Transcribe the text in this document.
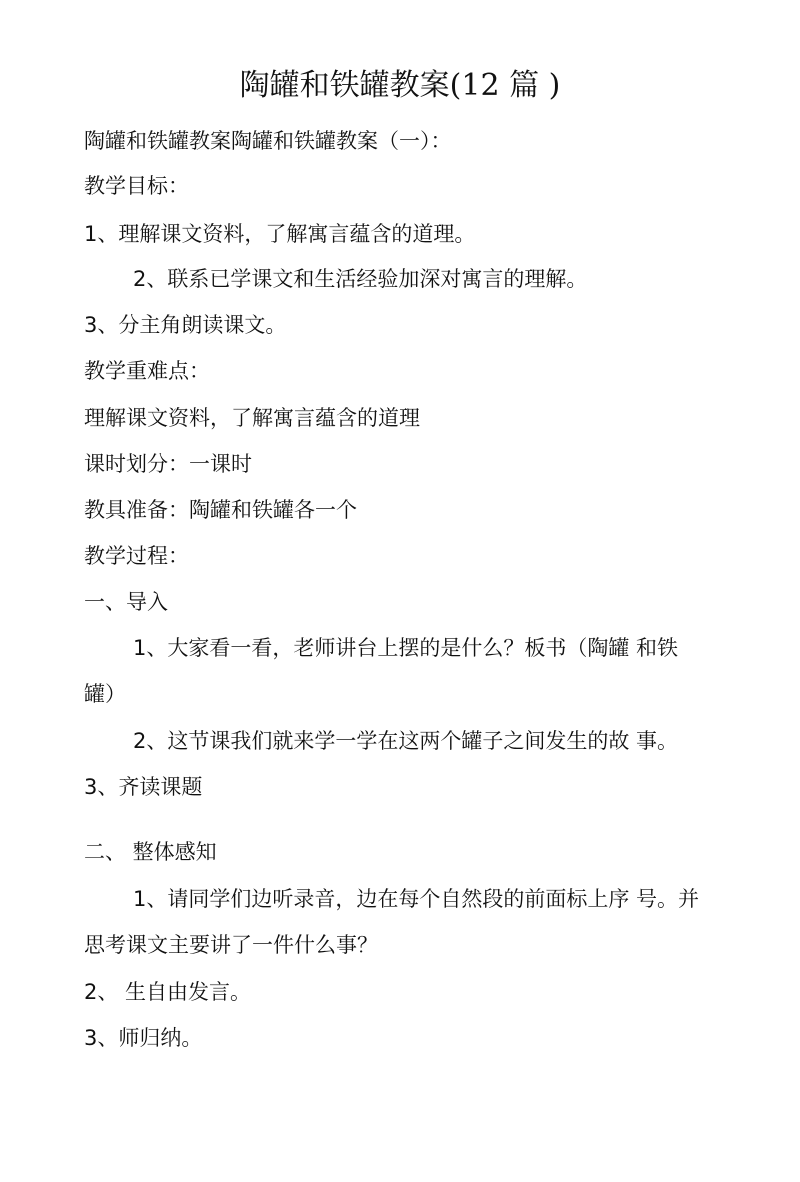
陶罐和铁罐教案(12 篇 )
陶罐和铁罐教案陶罐和铁罐教案（一）：
教学目标：
1、理解课文资料，了解寓言蕴含的道理。
2、联系已学课文和生活经验加深对寓言的理解。
3、分主角朗读课文。
教学重难点：
理解课文资料，了解寓言蕴含的道理
课时划分：一课时
教具准备：陶罐和铁罐各一个
教学过程：
一、导入
1、大家看一看，老师讲台上摆的是什么？板书（陶罐 和铁
罐）
2、这节课我们就来学一学在这两个罐子之间发生的故 事。
3、齐读课题
二、 整体感知
1、请同学们边听录音，边在每个自然段的前面标上序 号。并
思考课文主要讲了一件什么事？
2、 生自由发言。
3、师归纳。
